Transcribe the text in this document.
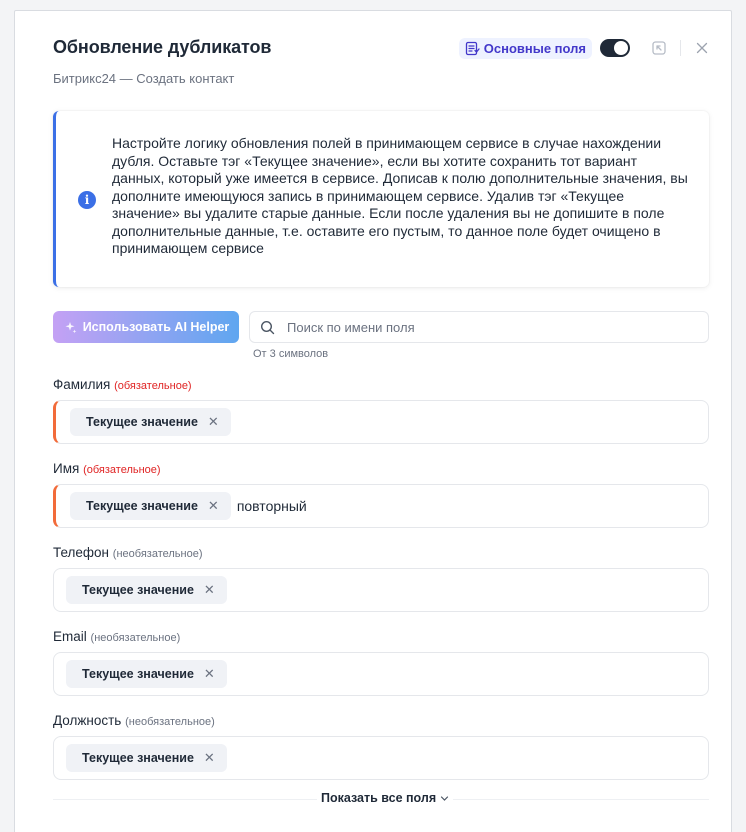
Обновление дубликатов
Битрикс24 — Создать контакт
Основные поля
i
Настройте логику обновления полей в принимающем сервисе в случае нахождении дубля. Оставьте тэг «Текущее значение», если вы хотите сохранить тот вариант данных, который уже имеется в сервисе. Дописав к полю дополнительные значения, вы дополните имеющуюся запись в принимающем сервисе. Удалив тэг «Текущее значение» вы удалите старые данные. Если после удаления вы не допишите в поле дополнительные данные, т.е. оставите его пустым, то данное поле будет очищено в принимающем сервисе
Использовать AI Helper
Поиск по имени поля
От 3 символов
Фамилия (обязательное)
Текущее значение ✕
Имя (обязательное)
Текущее значение ✕ повторный
Телефон (необязательное)
Текущее значение ✕
Email (необязательное)
Текущее значение ✕
Должность (необязательное)
Текущее значение ✕
Показать все поля
